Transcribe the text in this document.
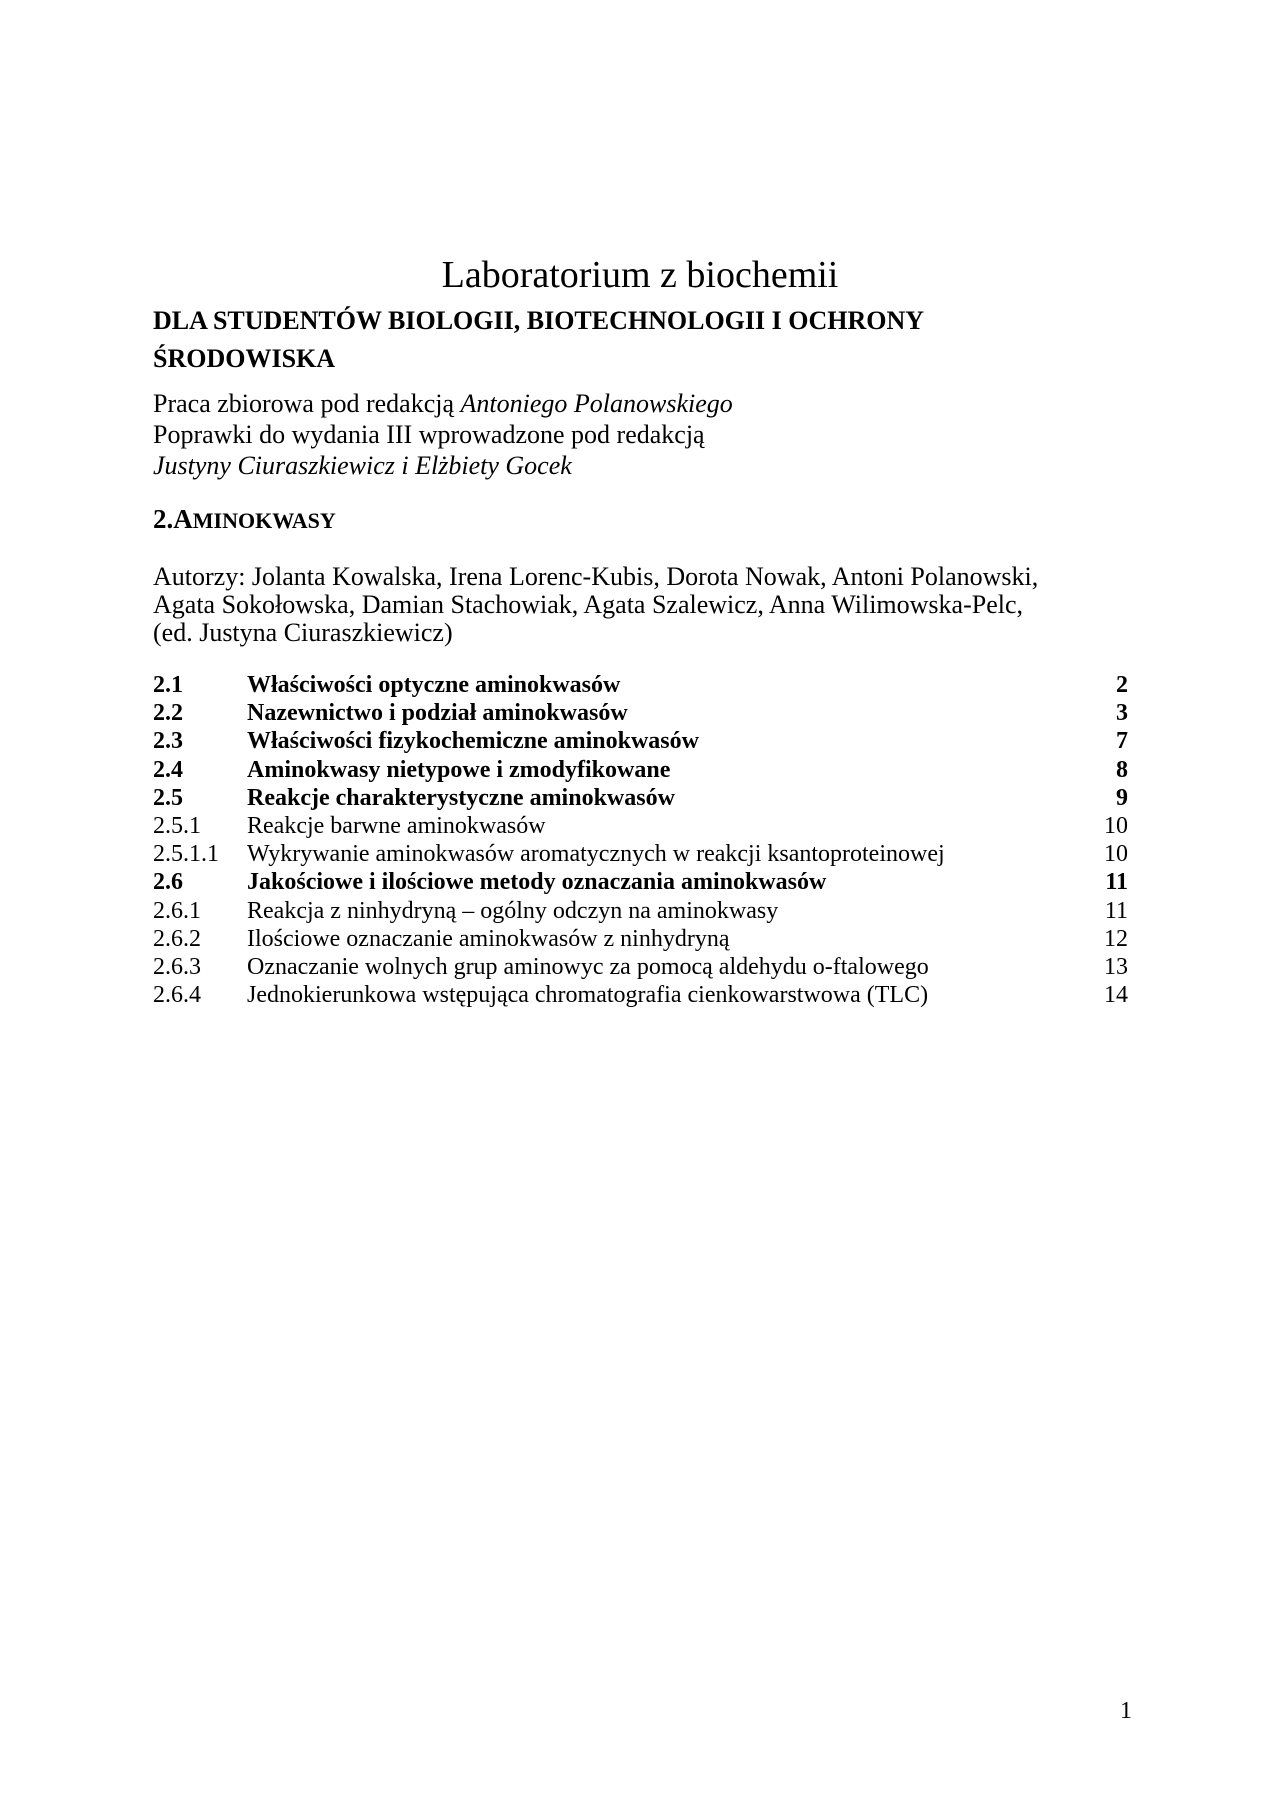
Laboratorium z biochemii
DLA STUDENTÓW BIOLOGII, BIOTECHNOLOGII I OCHRONY ŚRODOWISKA
Praca zbiorowa pod redakcją Antoniego Polanowskiego
Poprawki do wydania III wprowadzone pod redakcją
Justyny Ciuraszkiewicz i Elżbiety Gocek
2.AMINOKWASY
Autorzy: Jolanta Kowalska, Irena Lorenc-Kubis, Dorota Nowak, Antoni Polanowski,
Agata Sokołowska, Damian Stachowiak, Agata Szalewicz, Anna Wilimowska-Pelc,
(ed. Justyna Ciuraszkiewicz)
2.1	Właściwości optyczne aminokwasów	2
2.2	Nazewnictwo i podział aminokwasów	3
2.3	Właściwości fizykochemiczne aminokwasów	7
2.4	Aminokwasy nietypowe i zmodyfikowane	8
2.5	Reakcje charakterystyczne aminokwasów	9
2.5.1 Reakcje barwne aminokwasów	10
2.5.1.1 Wykrywanie aminokwasów aromatycznych w reakcji ksantoproteinowej	10
2.6	Jakościowe i ilościowe metody oznaczania aminokwasów	11
2.6.1 Reakcja z ninhydryną – ogólny odczyn na aminokwasy	11
2.6.2 Ilościowe oznaczanie aminokwasów z ninhydryną	12
2.6.3 Oznaczanie wolnych grup aminowyc za pomocą aldehydu o-ftalowego	13
2.6.4 Jednokierunkowa wstępująca chromatografia cienkowarstwowa (TLC)	14
1
